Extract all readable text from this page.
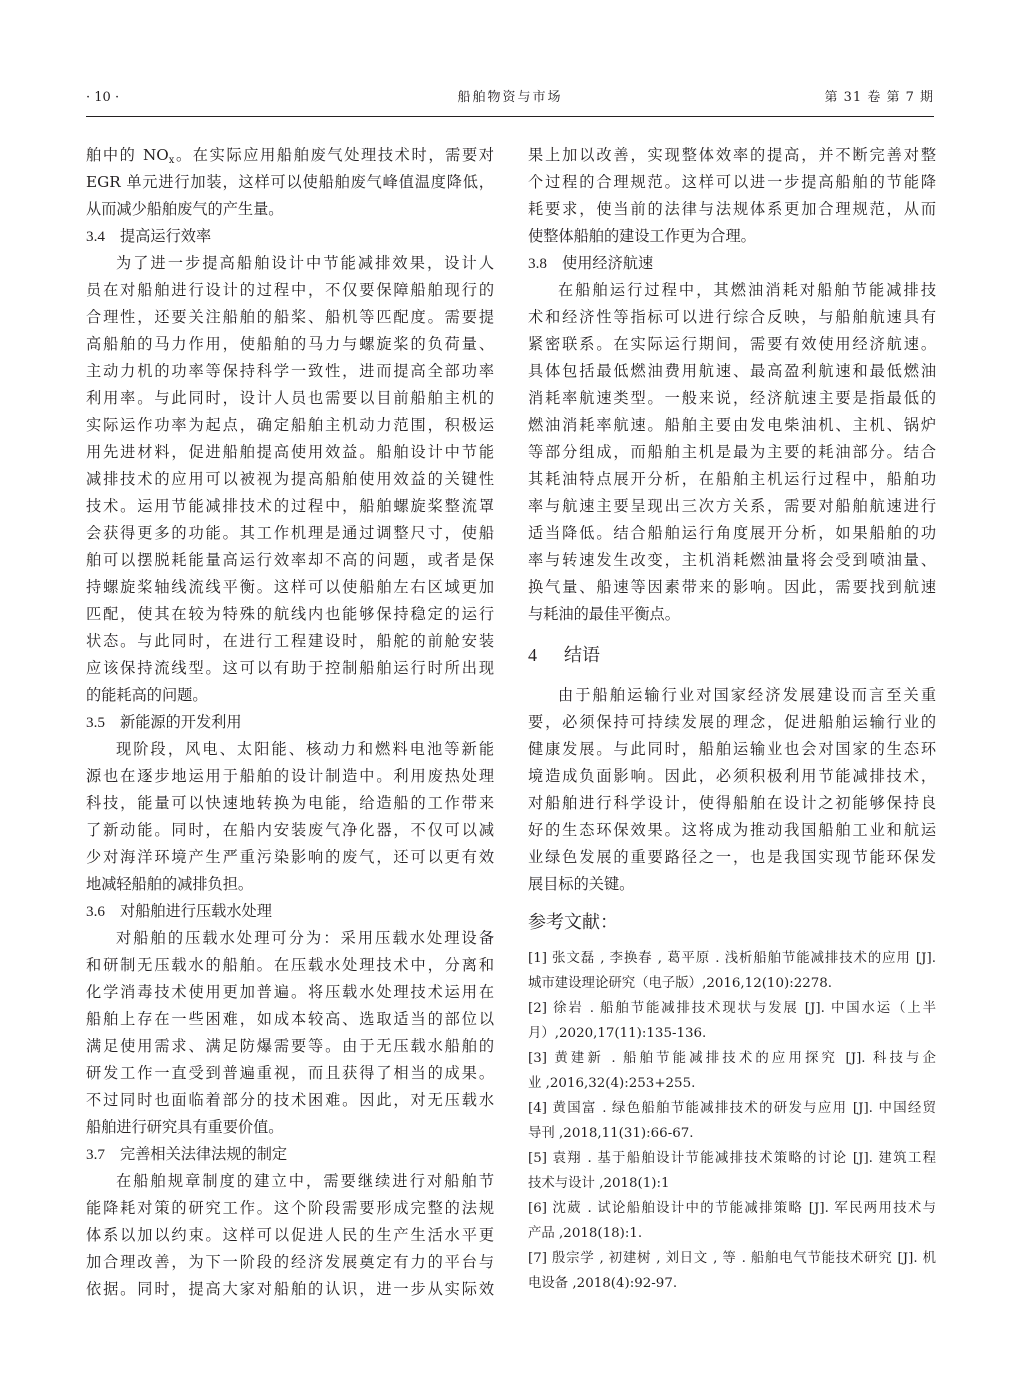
· 10 ·	船舶物资与市场	第 31 卷 第 7 期
舶中的 $NO_x$。在实际应用船舶废气处理技术时，需要对
EGR 单元进行加装，这样可以使船舶废气峰值温度降低，
从而减少船舶废气的产生量。
3.4 提高运行效率
为了进一步提高船舶设计中节能减排效果，设计人
员在对船舶进行设计的过程中，不仅要保障船舶现行的
合理性，还要关注船舶的船桨、船机等匹配度。需要提
高船舶的马力作用，使船舶的马力与螺旋桨的负荷量、
主动力机的功率等保持科学一致性，进而提高全部功率
利用率。与此同时，设计人员也需要以目前船舶主机的
实际运作功率为起点，确定船舶主机动力范围，积极运
用先进材料，促进船舶提高使用效益。船舶设计中节能
减排技术的应用可以被视为提高船舶使用效益的关键性
技术。运用节能减排技术的过程中，船舶螺旋桨整流罩
会获得更多的功能。其工作机理是通过调整尺寸，使船
舶可以摆脱耗能量高运行效率却不高的问题，或者是保
持螺旋桨轴线流线平衡。这样可以使船舶左右区域更加
匹配，使其在较为特殊的航线内也能够保持稳定的运行
状态。与此同时，在进行工程建设时，船舵的前舱安装
应该保持流线型。这可以有助于控制船舶运行时所出现
的能耗高的问题。
3.5 新能源的开发利用
现阶段，风电、太阳能、核动力和燃料电池等新能
源也在逐步地运用于船舶的设计制造中。利用废热处理
科技，能量可以快速地转换为电能，给造船的工作带来
了新动能。同时，在船内安装废气净化器，不仅可以减
少对海洋环境产生严重污染影响的废气，还可以更有效
地减轻船舶的减排负担。
3.6 对船舶进行压载水处理
对船舶的压载水处理可分为：采用压载水处理设备
和研制无压载水的船舶。在压载水处理技术中，分离和
化学消毒技术使用更加普遍。将压载水处理技术运用在
船舶上存在一些困难，如成本较高、选取适当的部位以
满足使用需求、满足防爆需要等。由于无压载水船舶的
研发工作一直受到普遍重视，而且获得了相当的成果。
不过同时也面临着部分的技术困难。因此，对无压载水
船舶进行研究具有重要价值。
3.7 完善相关法律法规的制定
在船舶规章制度的建立中，需要继续进行对船舶节
能降耗对策的研究工作。这个阶段需要形成完整的法规
体系以加以约束。这样可以促进人民的生产生活水平更
加合理改善，为下一阶段的经济发展奠定有力的平台与
依据。同时，提高大家对船舶的认识，进一步从实际效
果上加以改善，实现整体效率的提高，并不断完善对整
个过程的合理规范。这样可以进一步提高船舶的节能降
耗要求，使当前的法律与法规体系更加合理规范，从而
使整体船舶的建设工作更为合理。
3.8 使用经济航速
在船舶运行过程中，其燃油消耗对船舶节能减排技
术和经济性等指标可以进行综合反映，与船舶航速具有
紧密联系。在实际运行期间，需要有效使用经济航速。
具体包括最低燃油费用航速、最高盈利航速和最低燃油
消耗率航速类型。一般来说，经济航速主要是指最低的
燃油消耗率航速。船舶主要由发电柴油机、主机、锅炉
等部分组成，而船舶主机是最为主要的耗油部分。结合
其耗油特点展开分析，在船舶主机运行过程中，船舶功
率与航速主要呈现出三次方关系，需要对船舶航速进行
适当降低。结合船舶运行角度展开分析，如果船舶的功
率与转速发生改变，主机消耗燃油量将会受到喷油量、
换气量、船速等因素带来的影响。因此，需要找到航速
与耗油的最佳平衡点。
4 结语
由于船舶运输行业对国家经济发展建设而言至关重
要，必须保持可持续发展的理念，促进船舶运输行业的
健康发展。与此同时，船舶运输业也会对国家的生态环
境造成负面影响。因此，必须积极利用节能减排技术，
对船舶进行科学设计，使得船舶在设计之初能够保持良
好的生态环保效果。这将成为推动我国船舶工业和航运
业绿色发展的重要路径之一，也是我国实现节能环保发
展目标的关键。
参考文献：
[1] 张文磊 , 李换春 , 葛平原 . 浅析船舶节能减排技术的应用 [J].
城市建设理论研究（电子版）,2016,12(10):2278.
[2] 徐岩 . 船舶节能减排技术现状与发展 [J]. 中国水运（上半
月）,2020,17(11):135-136.
[3] 黄建新 . 船舶节能减排技术的应用探究 [J]. 科技与企
业 ,2016,32(4):253+255.
[4] 黄国富 . 绿色船舶节能减排技术的研发与应用 [J]. 中国经贸
导刊 ,2018,11(31):66-67.
[5] 袁翔 . 基于船舶设计节能减排技术策略的讨论 [J]. 建筑工程
技术与设计 ,2018(1):1
[6] 沈葳 . 试论船舶设计中的节能减排策略 [J]. 军民两用技术与
产品 ,2018(18):1.
[7] 殷宗学 , 初建树 , 刘日文 , 等 . 船舶电气节能技术研究 [J]. 机
电设备 ,2018(4):92-97.
